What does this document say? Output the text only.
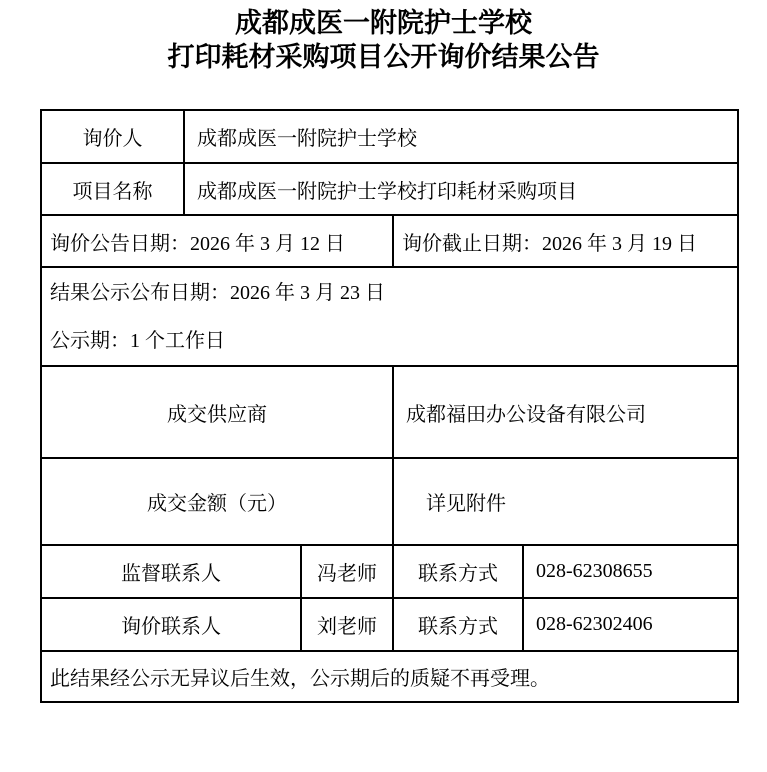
成都成医一附院护士学校
打印耗材采购项目公开询价结果公告
询价人	成都成医一附院护士学校
项目名称	成都成医一附院护士学校打印耗材采购项目
询价公告日期：2026 年 3 月 12 日	询价截止日期：2026 年 3 月 19 日
结果公示公布日期：2026 年 3 月 23 日
公示期：1 个工作日
成交供应商	成都福田办公设备有限公司
成交金额（元）	详见附件
监督联系人	冯老师	联系方式	028-62308655
询价联系人	刘老师	联系方式	028-62302406
此结果经公示无异议后生效，公示期后的质疑不再受理。
